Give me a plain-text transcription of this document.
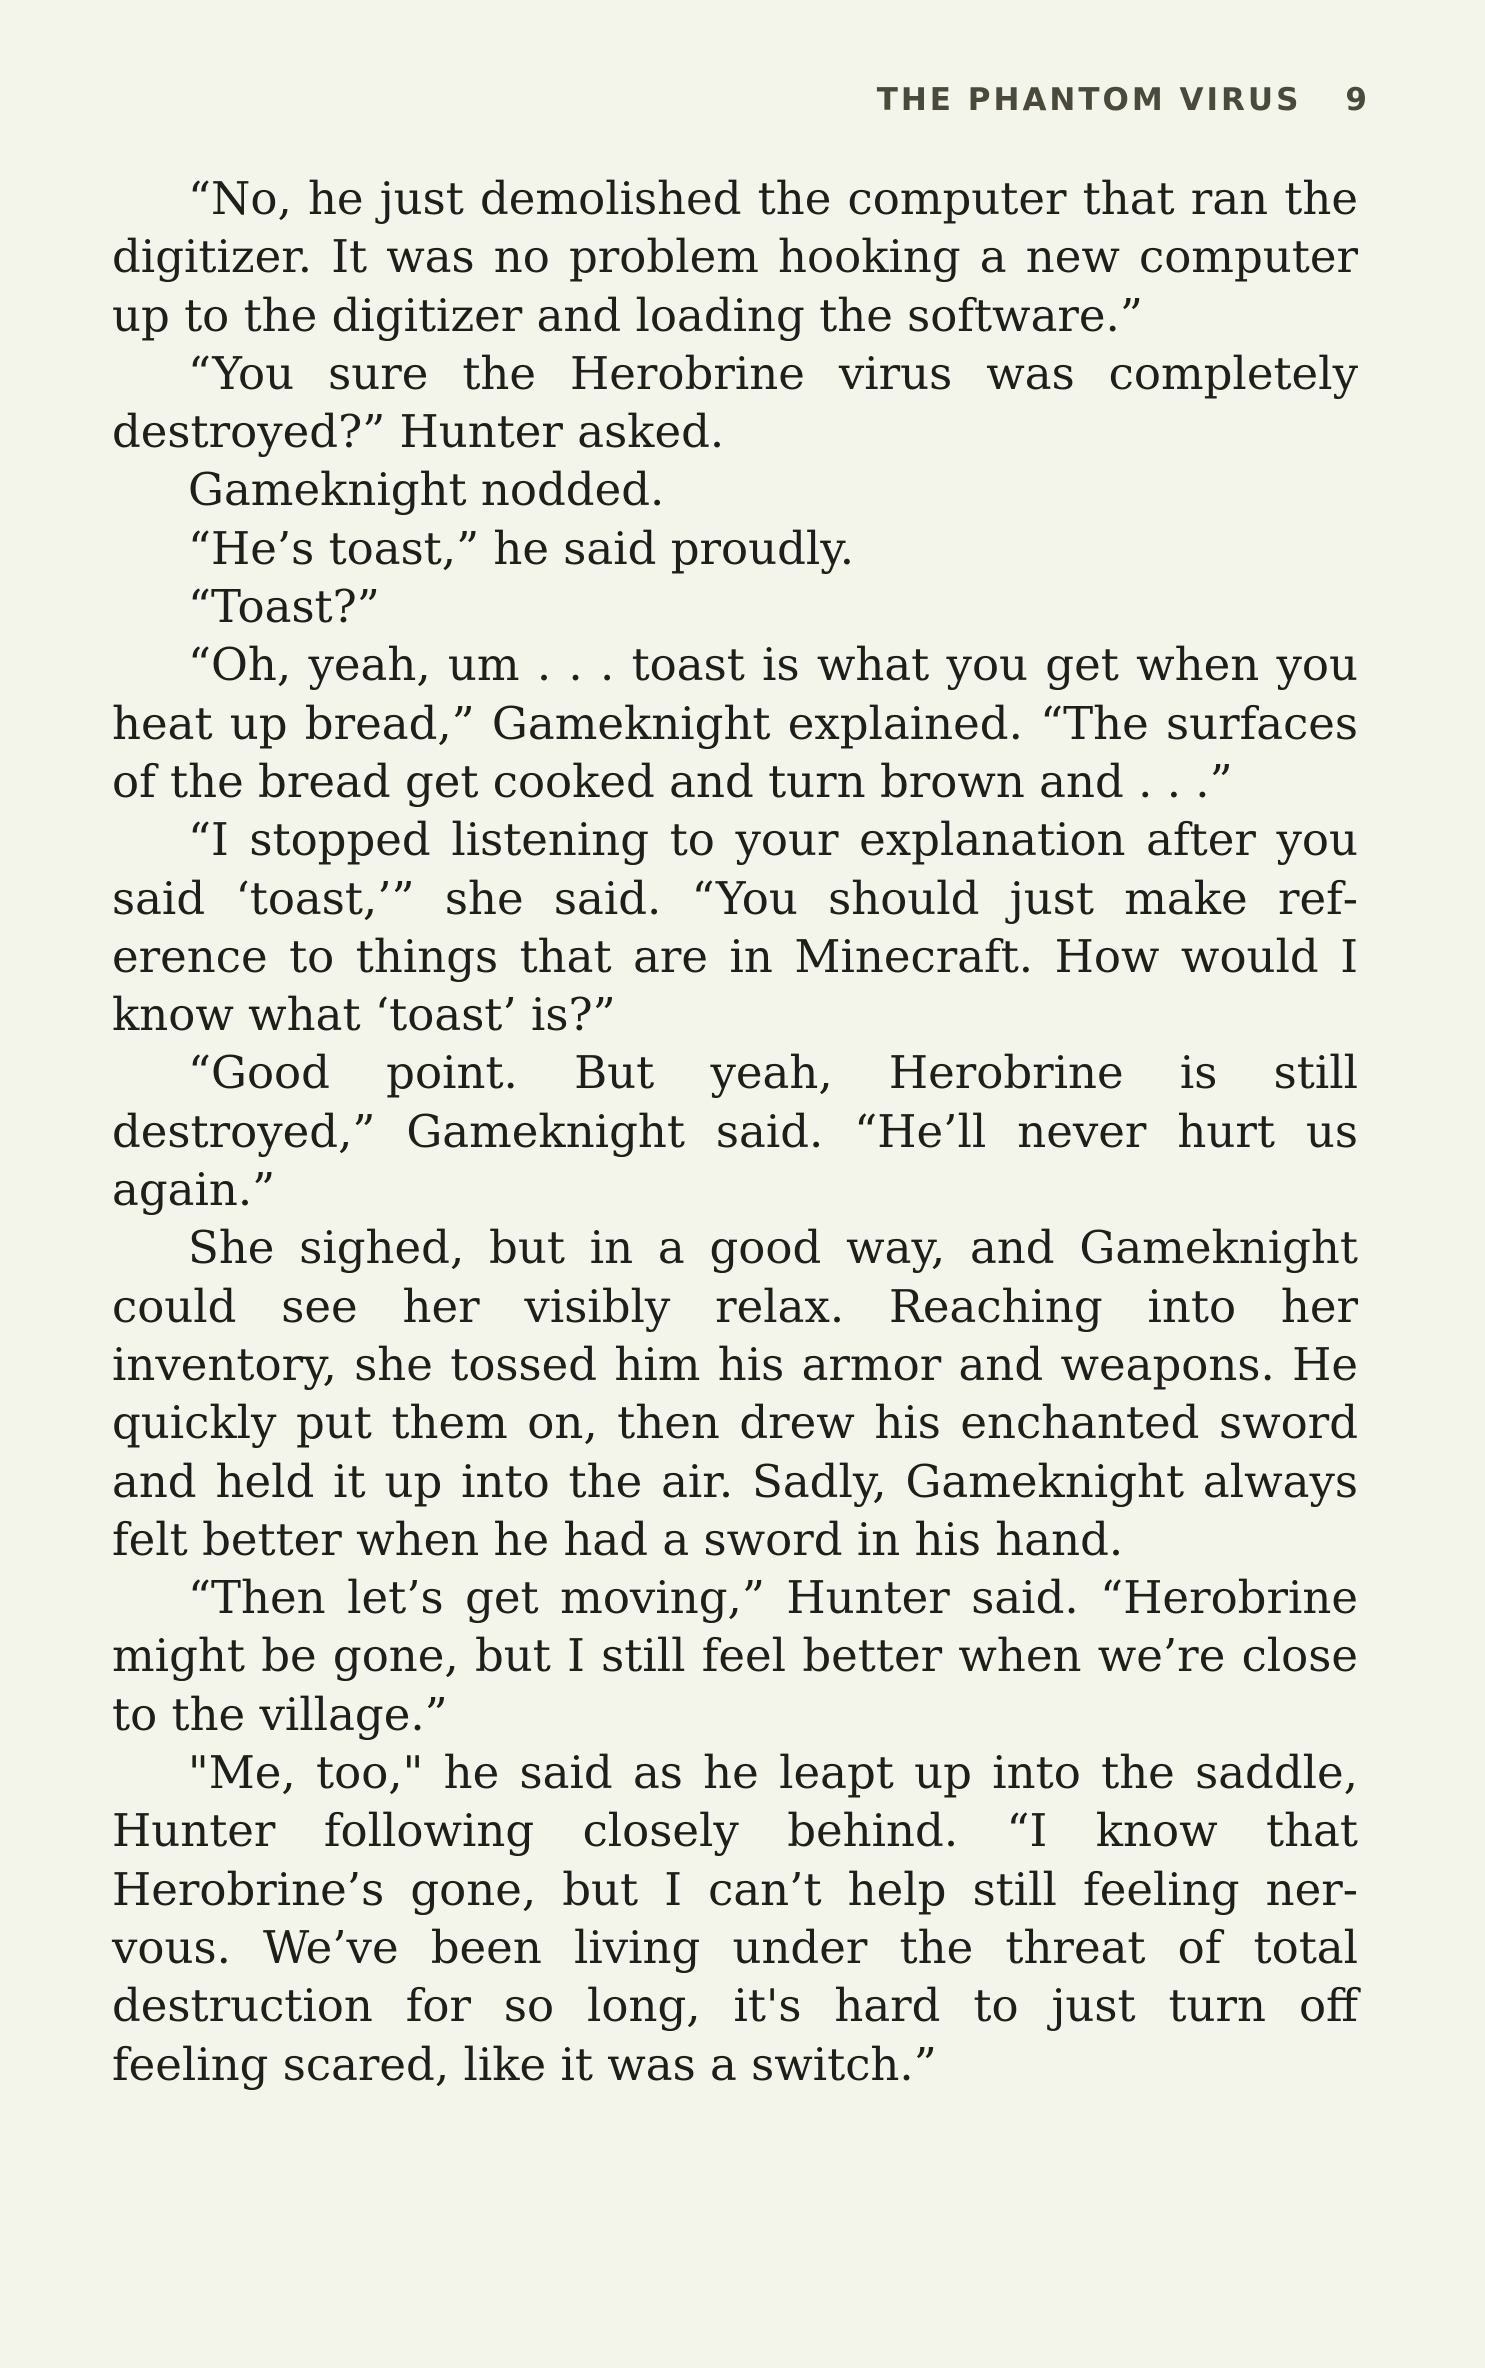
THE PHANTOM VIRUS 9

“No, he just demolished the computer that ran the digitizer. It was no problem hooking a new computer up to the digitizer and loading the software.”

“You sure the Herobrine virus was completely destroyed?” Hunter asked.

Gameknight nodded.

“He’s toast,” he said proudly.

“Toast?”

“Oh, yeah, um . . . toast is what you get when you heat up bread,” Gameknight explained. “The surfaces of the bread get cooked and turn brown and . . .”

“I stopped listening to your explanation after you said ‘toast,’” she said. “You should just make reference to things that are in Minecraft. How would I know what ‘toast’ is?”

“Good point. But yeah, Herobrine is still destroyed,” Gameknight said. “He’ll never hurt us again.”

She sighed, but in a good way, and Gameknight could see her visibly relax. Reaching into her inventory, she tossed him his armor and weapons. He quickly put them on, then drew his enchanted sword and held it up into the air. Sadly, Gameknight always felt better when he had a sword in his hand.

“Then let’s get moving,” Hunter said. “Herobrine might be gone, but I still feel better when we’re close to the village.”

"Me, too," he said as he leapt up into the saddle, Hunter following closely behind. “I know that Herobrine’s gone, but I can’t help still feeling nervous. We’ve been living under the threat of total destruction for so long, it's hard to just turn off feeling scared, like it was a switch.”
